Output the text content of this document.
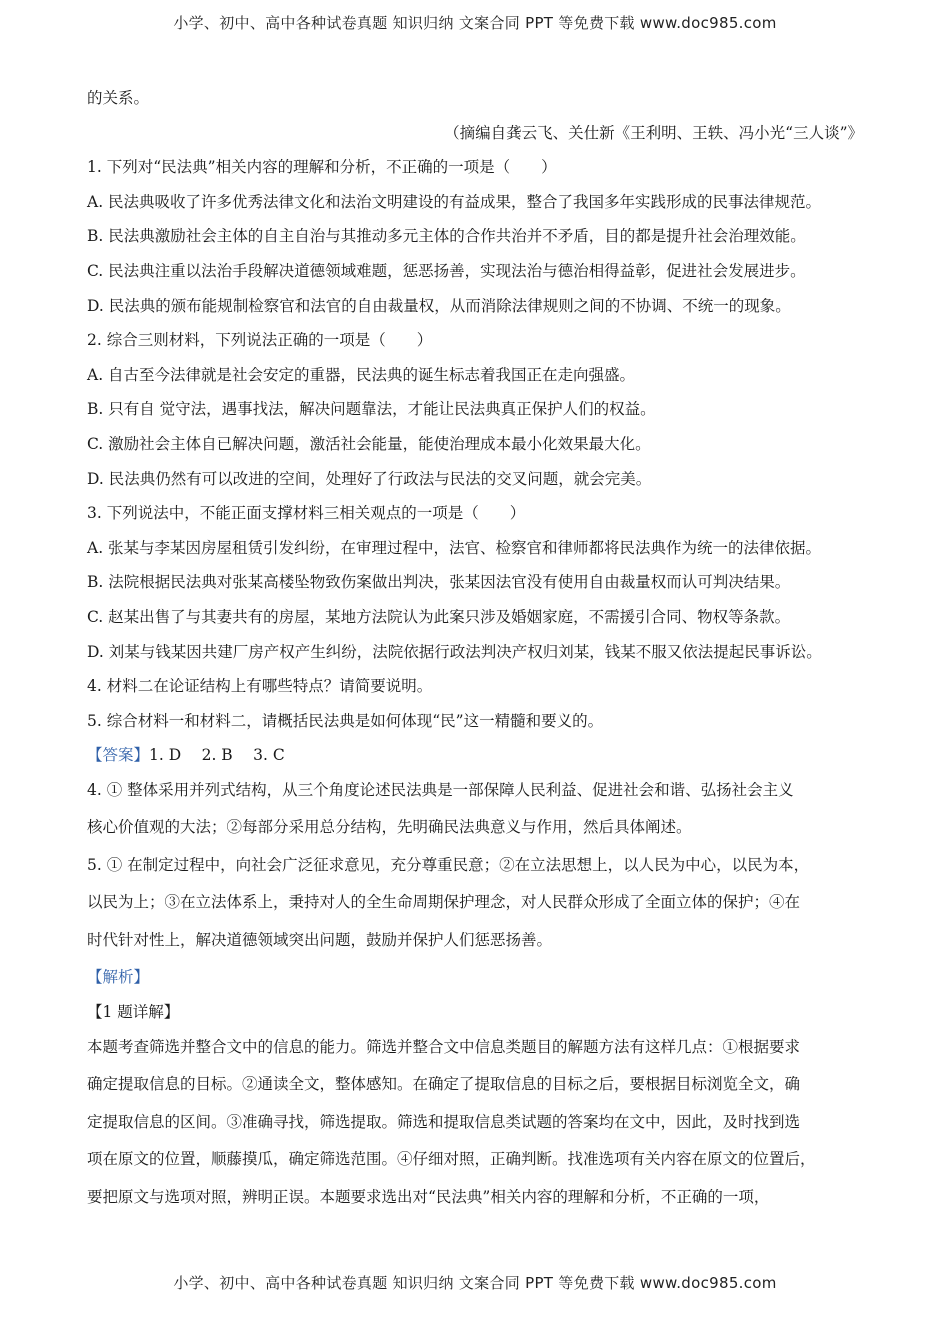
小学、初中、高中各种试卷真题 知识归纳 文案合同 PPT 等免费下载 www.doc985.com
的关系。
（摘编自龚云飞、关仕新《王利明、王轶、冯小光“三人谈”》
1. 下列对“民法典”相关内容的理解和分析，不正确的一项是（　　）
A. 民法典吸收了许多优秀法律文化和法治文明建设的有益成果，整合了我国多年实践形成的民事法律规范。
B. 民法典激励社会主体的自主自治与其推动多元主体的合作共治并不矛盾，目的都是提升社会治理效能。
C. 民法典注重以法治手段解决道德领域难题，惩恶扬善，实现法治与德治相得益彰，促进社会发展进步。
D. 民法典的颁布能规制检察官和法官的自由裁量权，从而消除法律规则之间的不协调、不统一的现象。
2. 综合三则材料，下列说法正确的一项是（　　）
A. 自古至今法律就是社会安定的重器，民法典的诞生标志着我国正在走向强盛。
B. 只有自 觉守法，遇事找法，解决问题靠法，才能让民法典真正保护人们的权益。
C. 激励社会主体自已解决问题，激活社会能量，能使治理成本最小化效果最大化。
D. 民法典仍然有可以改进的空间，处理好了行政法与民法的交叉问题，就会完美。
3. 下列说法中，不能正面支撑材料三相关观点的一项是（　　）
A. 张某与李某因房屋租赁引发纠纷，在审理过程中，法官、检察官和律师都将民法典作为统一的法律依据。
B. 法院根据民法典对张某高楼坠物致伤案做出判决，张某因法官没有使用自由裁量权而认可判决结果。
C. 赵某出售了与其妻共有的房屋，某地方法院认为此案只涉及婚姻家庭，不需援引合同、物权等条款。
D. 刘某与钱某因共建厂房产权产生纠纷，法院依据行政法判决产权归刘某，钱某不服又依法提起民事诉讼。
4. 材料二在论证结构上有哪些特点？请简要说明。
5. 综合材料一和材料二，请概括民法典是如何体现“民”这一精髓和要义的。
【答案】1. D　 2. B　 3. C
4. ① 整体采用并列式结构，从三个角度论述民法典是一部保障人民利益、促进社会和谐、弘扬社会主义
核心价值观的大法；②每部分采用总分结构，先明确民法典意义与作用，然后具体阐述。
5. ① 在制定过程中，向社会广泛征求意见，充分尊重民意；②在立法思想上，以人民为中心，以民为本，
以民为上；③在立法体系上，秉持对人的全生命周期保护理念，对人民群众形成了全面立体的保护；④在
时代针对性上，解决道德领域突出问题，鼓励并保护人们惩恶扬善。
【解析】
【1 题详解】
本题考查筛选并整合文中的信息的能力。筛选并整合文中信息类题目的解题方法有这样几点：①根据要求
确定提取信息的目标。②通读全文，整体感知。在确定了提取信息的目标之后，要根据目标浏览全文，确
定提取信息的区间。③准确寻找，筛选提取。筛选和提取信息类试题的答案均在文中，因此，及时找到选
项在原文的位置，顺藤摸瓜，确定筛选范围。④仔细对照，正确判断。找准选项有关内容在原文的位置后，
要把原文与选项对照，辨明正误。本题要求选出对“民法典”相关内容的理解和分析，不正确的一项，
小学、初中、高中各种试卷真题 知识归纳 文案合同 PPT 等免费下载 www.doc985.com
